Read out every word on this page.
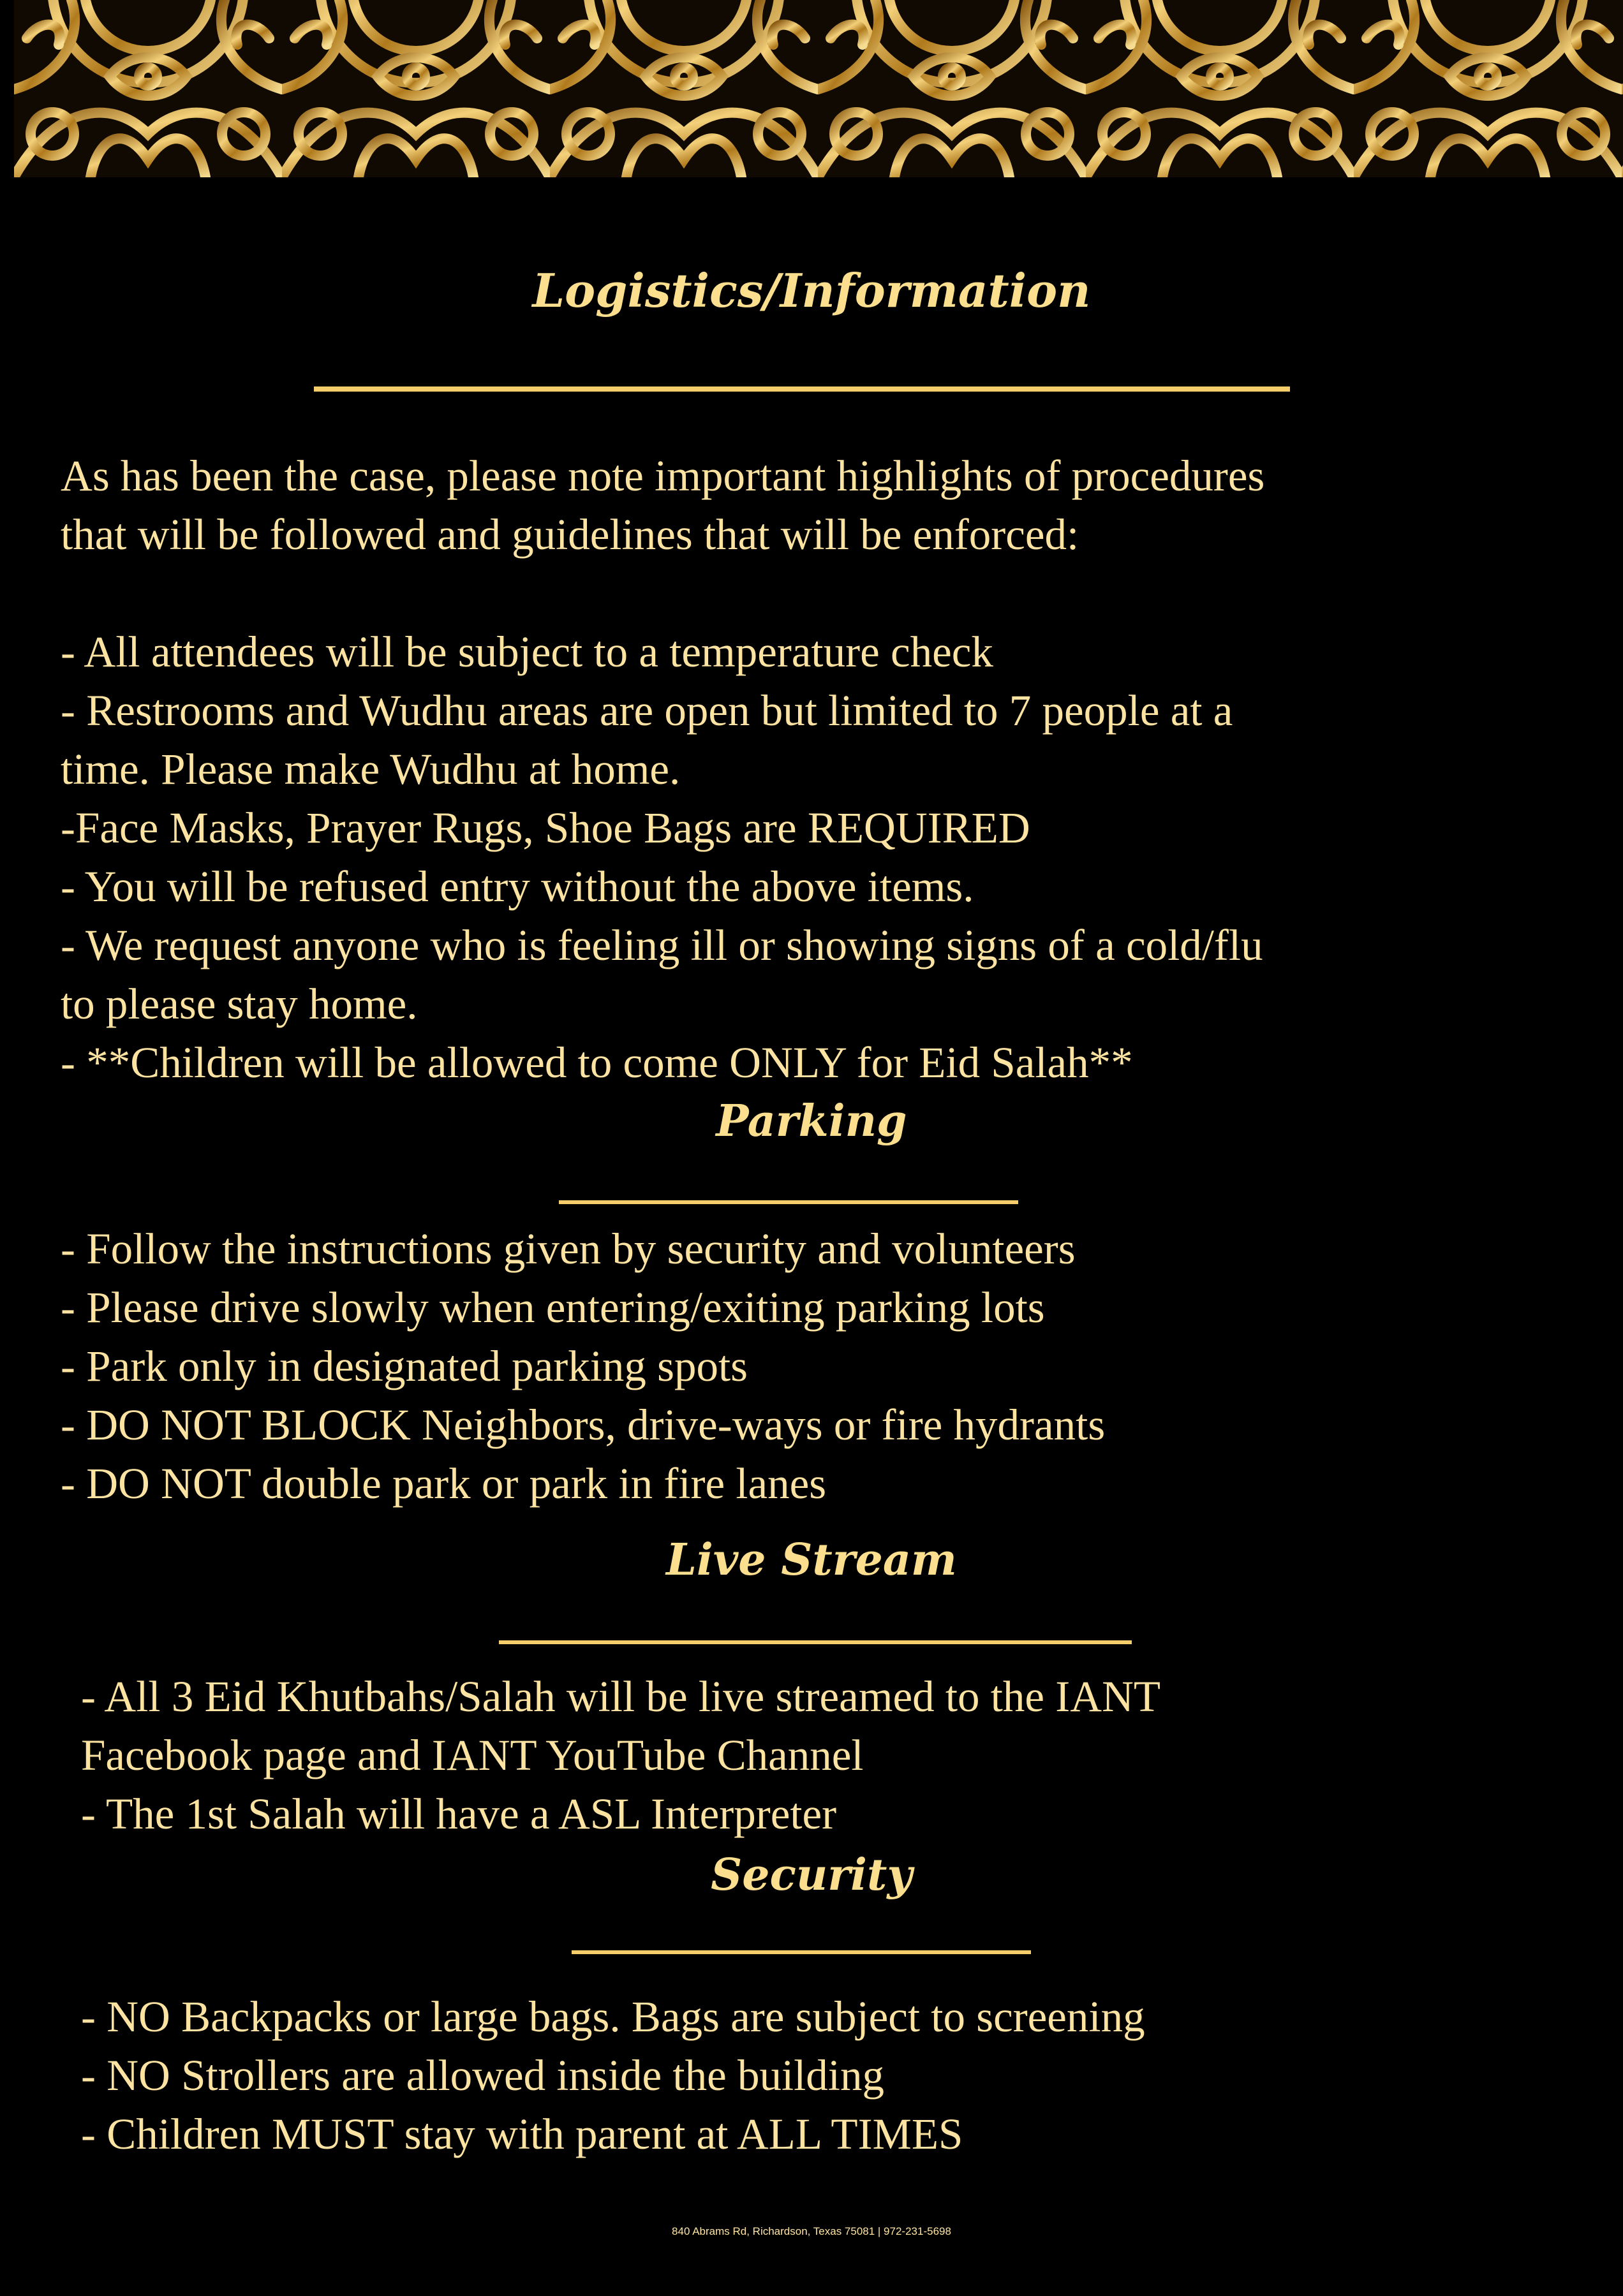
Logistics/Information

As has been the case, please note important highlights of procedures

that will be followed and guidelines that will be enforced:

- All attendees will be subject to a temperature check

- Restrooms and Wudhu areas are open but limited to 7 people at a

time. Please make Wudhu at home.

-Face Masks, Prayer Rugs, Shoe Bags are REQUIRED

- You will be refused entry without the above items.

- We request anyone who is feeling ill or showing signs of a cold/flu

to please stay home.

- **Children will be allowed to come ONLY for Eid Salah**

Parking

- Follow the instructions given by security and volunteers

- Please drive slowly when entering/exiting parking lots

- Park only in designated parking spots

- DO NOT BLOCK Neighbors, drive-ways or fire hydrants

- DO NOT double park or park in fire lanes

Live Stream

- All 3 Eid Khutbahs/Salah will be live streamed to the IANT

Facebook page and IANT YouTube Channel

- The 1st Salah will have a ASL Interpreter

Security

- NO Backpacks or large bags. Bags are subject to screening

- NO Strollers are allowed inside the building

- Children MUST stay with parent at ALL TIMES

840 Abrams Rd, Richardson, Texas 75081 | 972-231-5698
